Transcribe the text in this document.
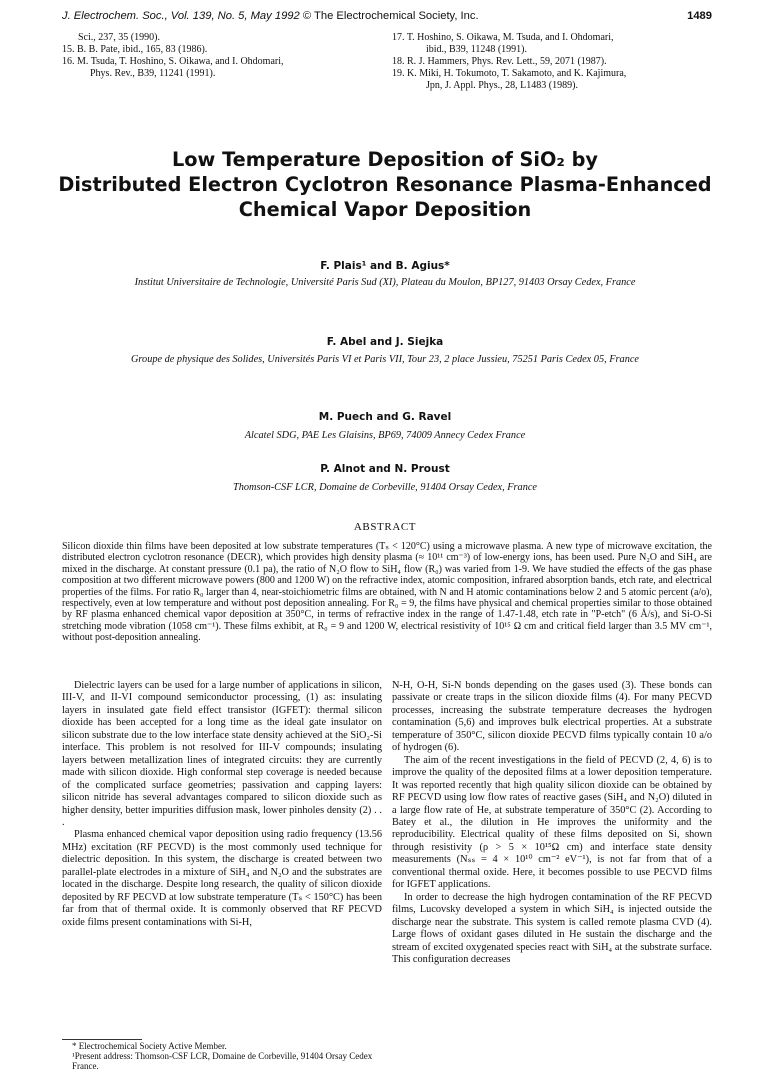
J. Electrochem. Soc., Vol. 139, No. 5, May 1992 © The Electrochemical Society, Inc.	1489
Sci., 237, 35 (1990).
15. B. B. Pate, ibid., 165, 83 (1986).
16. M. Tsuda, T. Hoshino, S. Oikawa, and I. Ohdomari,
Phys. Rev., B39, 11241 (1991).
17. T. Hoshino, S. Oikawa, M. Tsuda, and I. Ohdomari,
ibid., B39, 11248 (1991).
18. R. J. Hammers, Phys. Rev. Lett., 59, 2071 (1987).
19. K. Miki, H. Tokumoto, T. Sakamoto, and K. Kajimura,
Jpn, J. Appl. Phys., 28, L1483 (1989).
Low Temperature Deposition of SiO₂ by
Distributed Electron Cyclotron Resonance Plasma-Enhanced
Chemical Vapor Deposition
F. Plais¹ and B. Agius*
Institut Universitaire de Technologie, Université Paris Sud (XI), Plateau du Moulon, BP127, 91403 Orsay Cedex, France
F. Abel and J. Siejka
Groupe de physique des Solides, Universités Paris VI et Paris VII, Tour 23, 2 place Jussieu, 75251 Paris Cedex 05, France
M. Puech and G. Ravel
Alcatel SDG, PAE Les Glaisins, BP69, 74009 Annecy Cedex France
P. Alnot and N. Proust
Thomson-CSF LCR, Domaine de Corbeville, 91404 Orsay Cedex, France
ABSTRACT
Silicon dioxide thin films have been deposited at low substrate temperatures (Tₛ < 120°C) using a microwave plasma. A new type of microwave excitation, the distributed electron cyclotron resonance (DECR), which provides high density plasma (≈ 10¹¹ cm⁻³) of low-energy ions, has been used. Pure N₂O and SiH₄ are mixed in the discharge. At constant pressure (0.1 pa), the ratio of N₂O flow to SiH₄ flow (R₀) was varied from 1-9. We have studied the effects of the gas phase composition at two different microwave powers (800 and 1200 W) on the refractive index, atomic composition, infrared absorption bands, etch rate, and electrical properties of the films. For ratio R₀ larger than 4, near-stoichiometric films are obtained, with N and H atomic contaminations below 2 and 5 atomic percent (a/o), respectively, even at low temperature and without post deposition annealing. For R₀ = 9, the films have physical and chemical properties similar to those obtained by RF plasma enhanced chemical vapor deposition at 350°C, in terms of refractive index in the range of 1.47-1.48, etch rate in "P-etch" (6 Å/s), and Si-O-Si stretching mode vibration (1058 cm⁻¹). These films exhibit, at R₀ = 9 and 1200 W, electrical resistivity of 10¹⁵ Ω cm and critical field larger than 3.5 MV cm⁻¹, without post-deposition annealing.

Dielectric layers can be used for a large number of applications in silicon, III-V, and II-VI compound semiconductor processing, (1) as: insulating layers in insulated gate field effect transistor (IGFET): thermal silicon dioxide has been accepted for a long time as the ideal gate insulator on silicon substrate due to the low interface state density achieved at the SiO₂-Si interface. This problem is not resolved for III-V compounds; insulating layers between metallization lines of integrated circuits: they are currently made with silicon dioxide. High conformal step coverage is needed because of the complicated surface geometries; passivation and capping layers: silicon nitride has several advantages compared to silicon dioxide such as higher density, better impurities diffusion mask, lower pinholes density (2) . . .

Plasma enhanced chemical vapor deposition using radio frequency (13.56 MHz) excitation (RF PECVD) is the most commonly used technique for dielectric deposition. In this system, the discharge is created between two parallel-plate electrodes in a mixture of SiH₄ and N₂O and the substrates are located in the discharge. Despite long research, the quality of silicon dioxide deposited by RF PECVD at low substrate temperature (Tₛ < 150°C) has been far from that of thermal oxide. It is commonly observed that RF PECVD oxide films present contaminations with Si-H,

N-H, O-H, Si-N bonds depending on the gases used (3). These bonds can passivate or create traps in the silicon dioxide films (4). For many PECVD processes, increasing the substrate temperature decreases the hydrogen contamination (5,6) and improves bulk electrical properties. At a substrate temperature of 350°C, silicon dioxide PECVD films typically contain 10 a/o of hydrogen (6).

The aim of the recent investigations in the field of PECVD (2, 4, 6) is to improve the quality of the deposited films at a lower deposition temperature. It was reported recently that high quality silicon dioxide can be obtained by RF PECVD using low flow rates of reactive gases (SiH₄ and N₂O) diluted in a large flow rate of He, at substrate temperature of 350°C (2). According to Batey et al., the dilution in He improves the uniformity and the reproducibility. Electrical quality of these films deposited on Si, shown through resistivity (ρ > 5 × 10¹⁵Ω cm) and interface state density measurements (Nₛₛ = 4 × 10¹⁰ cm⁻² eV⁻¹), is not far from that of a conventional thermal oxide. Here, it becomes possible to use PECVD films for IGFET applications.

In order to decrease the high hydrogen contamination of the RF PECVD films, Lucovsky developed a system in which SiH₄ is injected outside the discharge near the substrate. This system is called remote plasma CVD (4). Large flows of oxidant gases diluted in He sustain the discharge and the stream of excited oxygenated species react with SiH₄ at the substrate surface. This configuration decreases

* Electrochemical Society Active Member.
¹Present address: Thomson-CSF LCR, Domaine de Corbeville, 91404 Orsay Cedex France.
